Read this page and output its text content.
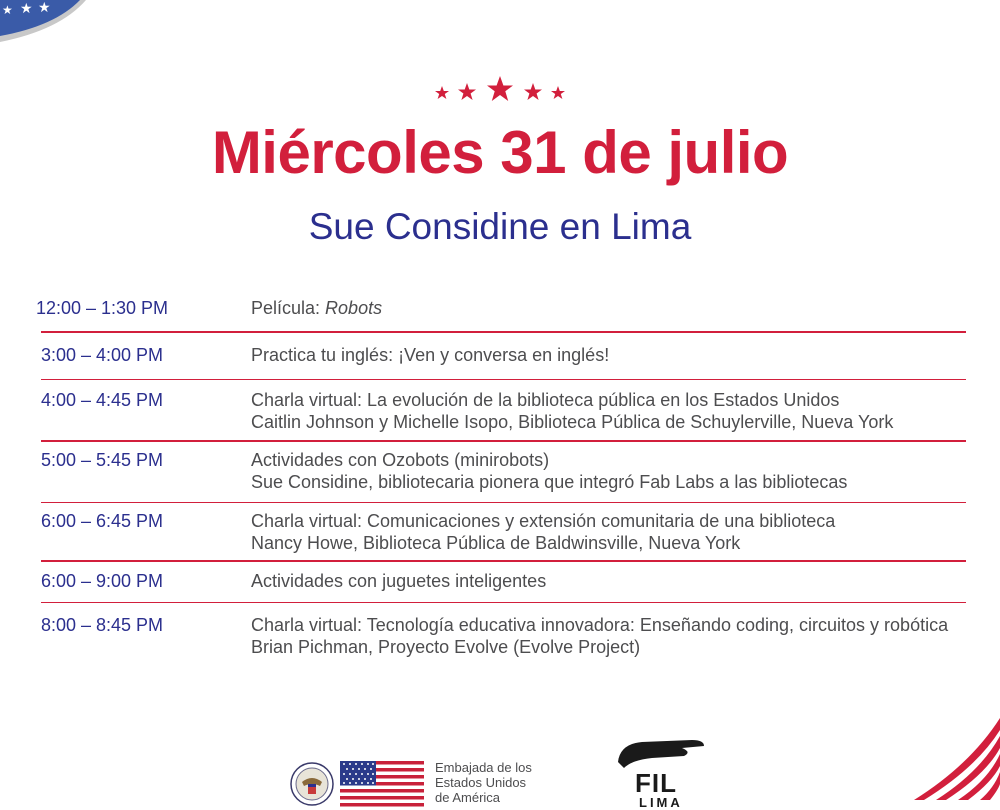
★ ★
★
Miércoles 31 de julio
Sue Considine en Lima
12:00 – 1:30 PM	Película: Robots
3:00 – 4:00 PM	Practica tu inglés: ¡Ven y conversa en inglés!
4:00 – 4:45 PM	Charla virtual: La evolución de la biblioteca pública en los Estados Unidos
Caitlin Johnson y Michelle Isopo, Biblioteca Pública de Schuylerville, Nueva York
5:00 – 5:45 PM	Actividades con Ozobots (minirobots)
Sue Considine, bibliotecaria pionera que integró Fab Labs a las bibliotecas
6:00 – 6:45 PM	Charla virtual: Comunicaciones y extensión comunitaria de una biblioteca
Nancy Howe, Biblioteca Pública de Baldwinsville, Nueva York
6:00 – 9:00 PM	Actividades con juguetes inteligentes
8:00 – 8:45 PM	Charla virtual: Tecnología educativa innovadora: Enseñando coding, circuitos y robótica
Brian Pichman, Proyecto Evolve (Evolve Project)
Embajada de los
Estados Unidos
de América	FIL
LIMA
